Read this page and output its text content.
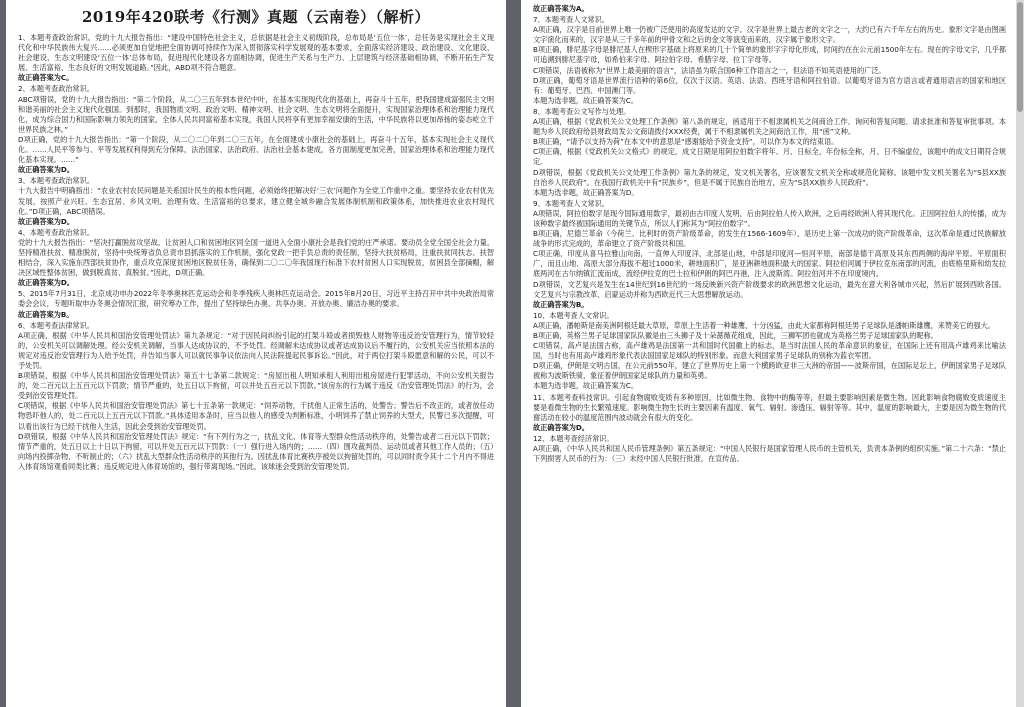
2019年420联考《行测》真题（云南卷）（解析）

1、本题考查政治常识。党的十九大报告指出：“建设中国特色社会主义，总依据是社会主义初级阶段，总布局是‘五位一体’，总任务是实现社会主义现代化和中华民族伟大复兴……必须更加自觉地把全面协调可持续作为深入贯彻落实科学发展观的基本要求，全面落实经济建设、政治建设、文化建设、社会建设、生态文明建设‘五位一体’总体布局，促进现代化建设各方面相协调，促进生产关系与生产力、上层建筑与经济基础相协调，不断开拓生产发展、生活富裕、生态良好的文明发展道路。”因此，ABD项不符合题意。

故正确答案为C。

2、本题考查政治常识。

ABC项错误，党的十九大报告指出：“第二个阶段，从二〇三五年到本世纪中叶，在基本实现现代化的基础上，再奋斗十五年，把我国建成富强民主文明和谐美丽的社会主义现代化强国。到那时，我国物质文明、政治文明、精神文明、社会文明、生态文明将全面提升，实现国家治理体系和治理能力现代化，成为综合国力和国际影响力领先的国家，全体人民共同富裕基本实现，我国人民将享有更加幸福安康的生活，中华民族将以更加昂扬的姿态屹立于世界民族之林。”

D项正确，党的十九大报告指出：“第一个阶段，从二〇二〇年到二〇三五年，在全面建成小康社会的基础上，再奋斗十五年，基本实现社会主义现代化。……人民平等参与、平等发展权利得到充分保障，法治国家、法治政府、法治社会基本建成，各方面制度更加完善，国家治理体系和治理能力现代化基本实现。……”

故正确答案为D。

3、本题考查政治常识。

十九大报告中明确指出：“农业农村农民问题是关系国计民生的根本性问题，必须始终把解决好‘三农’问题作为全党工作重中之重。要坚持农业农村优先发展，按照产业兴旺、生态宜居、乡风文明、治理有效、生活富裕的总要求，建立健全城乡融合发展体制机制和政策体系，加快推进农业农村现代化。”D项正确，ABC项错误。

故正确答案为D。

4、本题考查政治常识。

党的十九大报告指出：“坚决打赢脱贫攻坚战。让贫困人口和贫困地区同全国一道进入全面小康社会是我们党的庄严承诺。要动员全党全国全社会力量，坚持精准扶贫、精准脱贫，坚持中央统筹省负总责市县抓落实的工作机制，强化党政一把手负总责的责任制，坚持大扶贫格局，注重扶贫同扶志、扶智相结合，深入实施东西部扶贫协作，重点攻克深度贫困地区脱贫任务，确保到二〇二〇年我国现行标准下农村贫困人口实现脱贫，贫困县全部摘帽，解决区域性整体贫困，做到脱真贫、真脱贫。”因此，D项正确。

故正确答案为D。

5、2015年7月31日，北京成功申办2022年冬季奥林匹克运动会和冬季残疾人奥林匹克运动会。2015年8月20日，习近平主持召开中共中央政治局常委会会议，专题听取申办冬奥会情况汇报，研究筹办工作，提出了坚持绿色办奥、共享办奥、开放办奥、廉洁办奥的要求。

故正确答案为B。

6、本题考查法律常识。

A项正确，根据《中华人民共和国治安管理处罚法》第九条规定：“对于因民间纠纷引起的打架斗殴或者损毁他人财物等违反治安管理行为，情节较轻的，公安机关可以调解处理。经公安机关调解，当事人达成协议的，不予处罚。经调解未达成协议或者达成协议后不履行的，公安机关应当依照本法的规定对违反治安管理行为人给予处罚，并告知当事人可以就民事争议依法向人民法院提起民事诉讼。”因此，对于两位打架斗殴愿意和解的公民，可以不予处罚。

B项错误，根据《中华人民共和国治安管理处罚法》第五十七条第二款规定：“房屋出租人明知承租人利用出租房屋进行犯罪活动，不向公安机关报告的，处二百元以上五百元以下罚款；情节严重的，处五日以下拘留，可以并处五百元以下罚款。”该房东的行为属于违反《治安管理处罚法》的行为，会受到治安管理处罚。

C项错误，根据《中华人民共和国治安管理处罚法》第七十五条第一款规定：“饲养动物，干扰他人正常生活的，处警告；警告后不改正的，或者放任动物恐吓他人的，处二百元以上五百元以下罚款。”具体适用本条时，应当以他人的感受为判断标准，小明饲养了禁止饲养的大型犬，民警已多次提醒，可以看出该行为已经干扰他人生活，因此会受到治安管理处罚。

D项错误，根据《中华人民共和国治安管理处罚法》规定：“有下列行为之一，扰乱文化、体育等大型群众性活动秩序的，处警告或者二百元以下罚款；情节严重的，处五日以上十日以下拘留，可以并处五百元以下罚款：（一）强行进入场内的；……（四）围攻裁判员、运动员或者其他工作人员的；（五）向场内投掷杂物，不听制止的；（六）扰乱大型群众性活动秩序的其他行为。因扰乱体育比赛秩序被处以拘留处罚的，可以同时责令其十二个月内不得进入体育场馆观看同类比赛；违反规定进入体育场馆的，强行带离现场。”因此，该球迷会受到治安管理处罚。

故正确答案为A。

7、本题考查人文常识。

A项正确，汉字是目前世界上唯一仍被广泛使用的高度发达的文字。汉字是世界上最古老的文字之一，大约已有六千年左右的历史。象形文字是由图画文字演化而来的，汉字是从三千多年前的甲骨文和之后的金文等演变而来的，汉字属于象形文字。

B项正确，腓尼基字母是腓尼基人在楔形字基础上将原来的几十个简单的象形字字母化形成，时间约在在公元前1500年左右。现在的字母文字，几乎都可追溯到腓尼基字母，如希伯来字母、阿拉伯字母、希腊字母、拉丁字母等。

C项错误，法语被称为“世界上最美丽的语言”，法语虽为联合国6种工作语言之一，但法语不如英语使用的广泛。

D项正确，葡萄牙语是世界流行语种的第6位，仅次于汉语、英语、法语、西班牙语和阿拉伯语。以葡萄牙语为官方语言或者通用语言的国家和地区有：葡萄牙、巴西、中国澳门等。

本题为选非题，故正确答案为C。

8、本题考查公文写作与处理。

A项正确，根据《党政机关公文处理工作条例》第八条的规定，函适用于不相隶属机关之间商洽工作、询问和答复问题、请求批准和答复审批事项。本题为乡人民政府给县财政局发公文商请拨付XXX经费，属于不相隶属机关之间商洽工作，用“函”文种。

B项正确，“请予以支持为荷”在本文中的意思是“感谢能给予资金支持”，可以作为本文的结束语。

C项正确，根据《党政机关公文格式》的规定，成文日期是用阿拉伯数字将年、月、日标全，年份标全称，月、日不编虚位，该题中的成文日期符合规定。

D项错误，根据《党政机关公文处理工作条例》第九条的规定，发文机关署名，应该署发文机关全称或规范化简称。该题中发文机关署名为“S县XX族自治乡人民政府”。在我国行政机关中有“民族乡”，但是不属于民族自治地方，应为“S县XX族乡人民政府”。

本题为选非题，故正确答案为D。

9、本题考查人文常识。

A项错误，阿拉伯数字是现今国际通用数字，最初由古印度人发明，后由阿拉伯人传入欧洲，之后再经欧洲人将其现代化。正因阿拉伯人的传播，成为该种数字最终被国际通用的关键节点，所以人们称其为“阿拉伯数字”。

B项正确，尼德兰革命（今荷兰、比利时的资产阶级革命，的发生在1566-1609年），是历史上第一次成功的资产阶级革命，这次革命是通过民族解放战争的形式完成的，革命建立了资产阶级共和国。

C项正确，印度从喜马拉雅山向南，一直伸入印度洋，北部是山地，中部是印度河—恒河平原，南部是德干高原及其东西两侧的海岸平原。平原面积广，而且山地、高原大部分海拔不超过1000米，耕地面积广，是亚洲耕地面积最大的国家。阿拉伯河属于伊拉克东南部的河流，由底格里斯和幼发拉底两河在古尔纳镇汇流而成，流经伊拉克的巴士拉和伊朗的阿巴丹港，注入波斯湾。阿拉伯河并不在印度境内。

D项错误，文艺复兴是发生在14世纪到16世纪的一场反映新兴资产阶级要求的欧洲思想文化运动，最先在意大利各城市兴起，然后扩展到西欧各国。文艺复兴与宗教改革、启蒙运动并称为西欧近代三大思想解放运动。

故正确答案为B。

10、本题考查人文常识。

A项正确，潘帕斯是南美洲阿根廷最大草原，草原上生活着一种雄鹰，十分凶猛，由此大家都称阿根廷男子足球队是潘帕斯雄鹰，来赞美它的强大。

B项正确，英格兰男子足球国家队队徽是由三头狮子及十朵蔷薇花组成，因此，三狮军团也就成为英格兰男子足球国家队的昵称。

C项错误，高卢是法国古称，高卢雄鸡是法国第一共和国时代国徽上的标志，是当时法国人民的革命意识的象征，在国际上还有用高卢雄鸡来比喻法国，当时也有用高卢雄鸡形象代表法国国家足球队的特别形象。而意大利国家男子足球队的别称为蓝衣军团。

D项正确，伊朗是文明古国，在公元前550年，建立了世界历史上第一个横跨欧亚非三大洲的帝国——波斯帝国，在国际足坛上，伊朗国家男子足球队被称为波斯铁骑，象征着伊朗国家足球队的力量和英勇。

本题为选非题，故正确答案为C。

11、本题考查科技常识。引起食物腐败变质有多种原因，比如微生物、食物中的酶等等，但最主要影响因素是微生物。因此影响食物腐败变质速度主要是看微生物的生长繁殖速度。影响微生物生长的主要因素有温度、氧气、辐射、渗透压、辐射等等。其中，温度的影响最大，主要是因为微生物的代谢活动在较小的温度范围内波动就会有很大的变化。

故正确答案为D。

12、本题考查经济常识。

A项正确，《中华人民共和国人民币管理条例》第五条规定：“中国人民银行是国家管理人民币的主管机关，负责本条例的组织实施。”第二十六条：“禁止下列损害人民币的行为：（三）未经中国人民银行批准，在宣传品、
